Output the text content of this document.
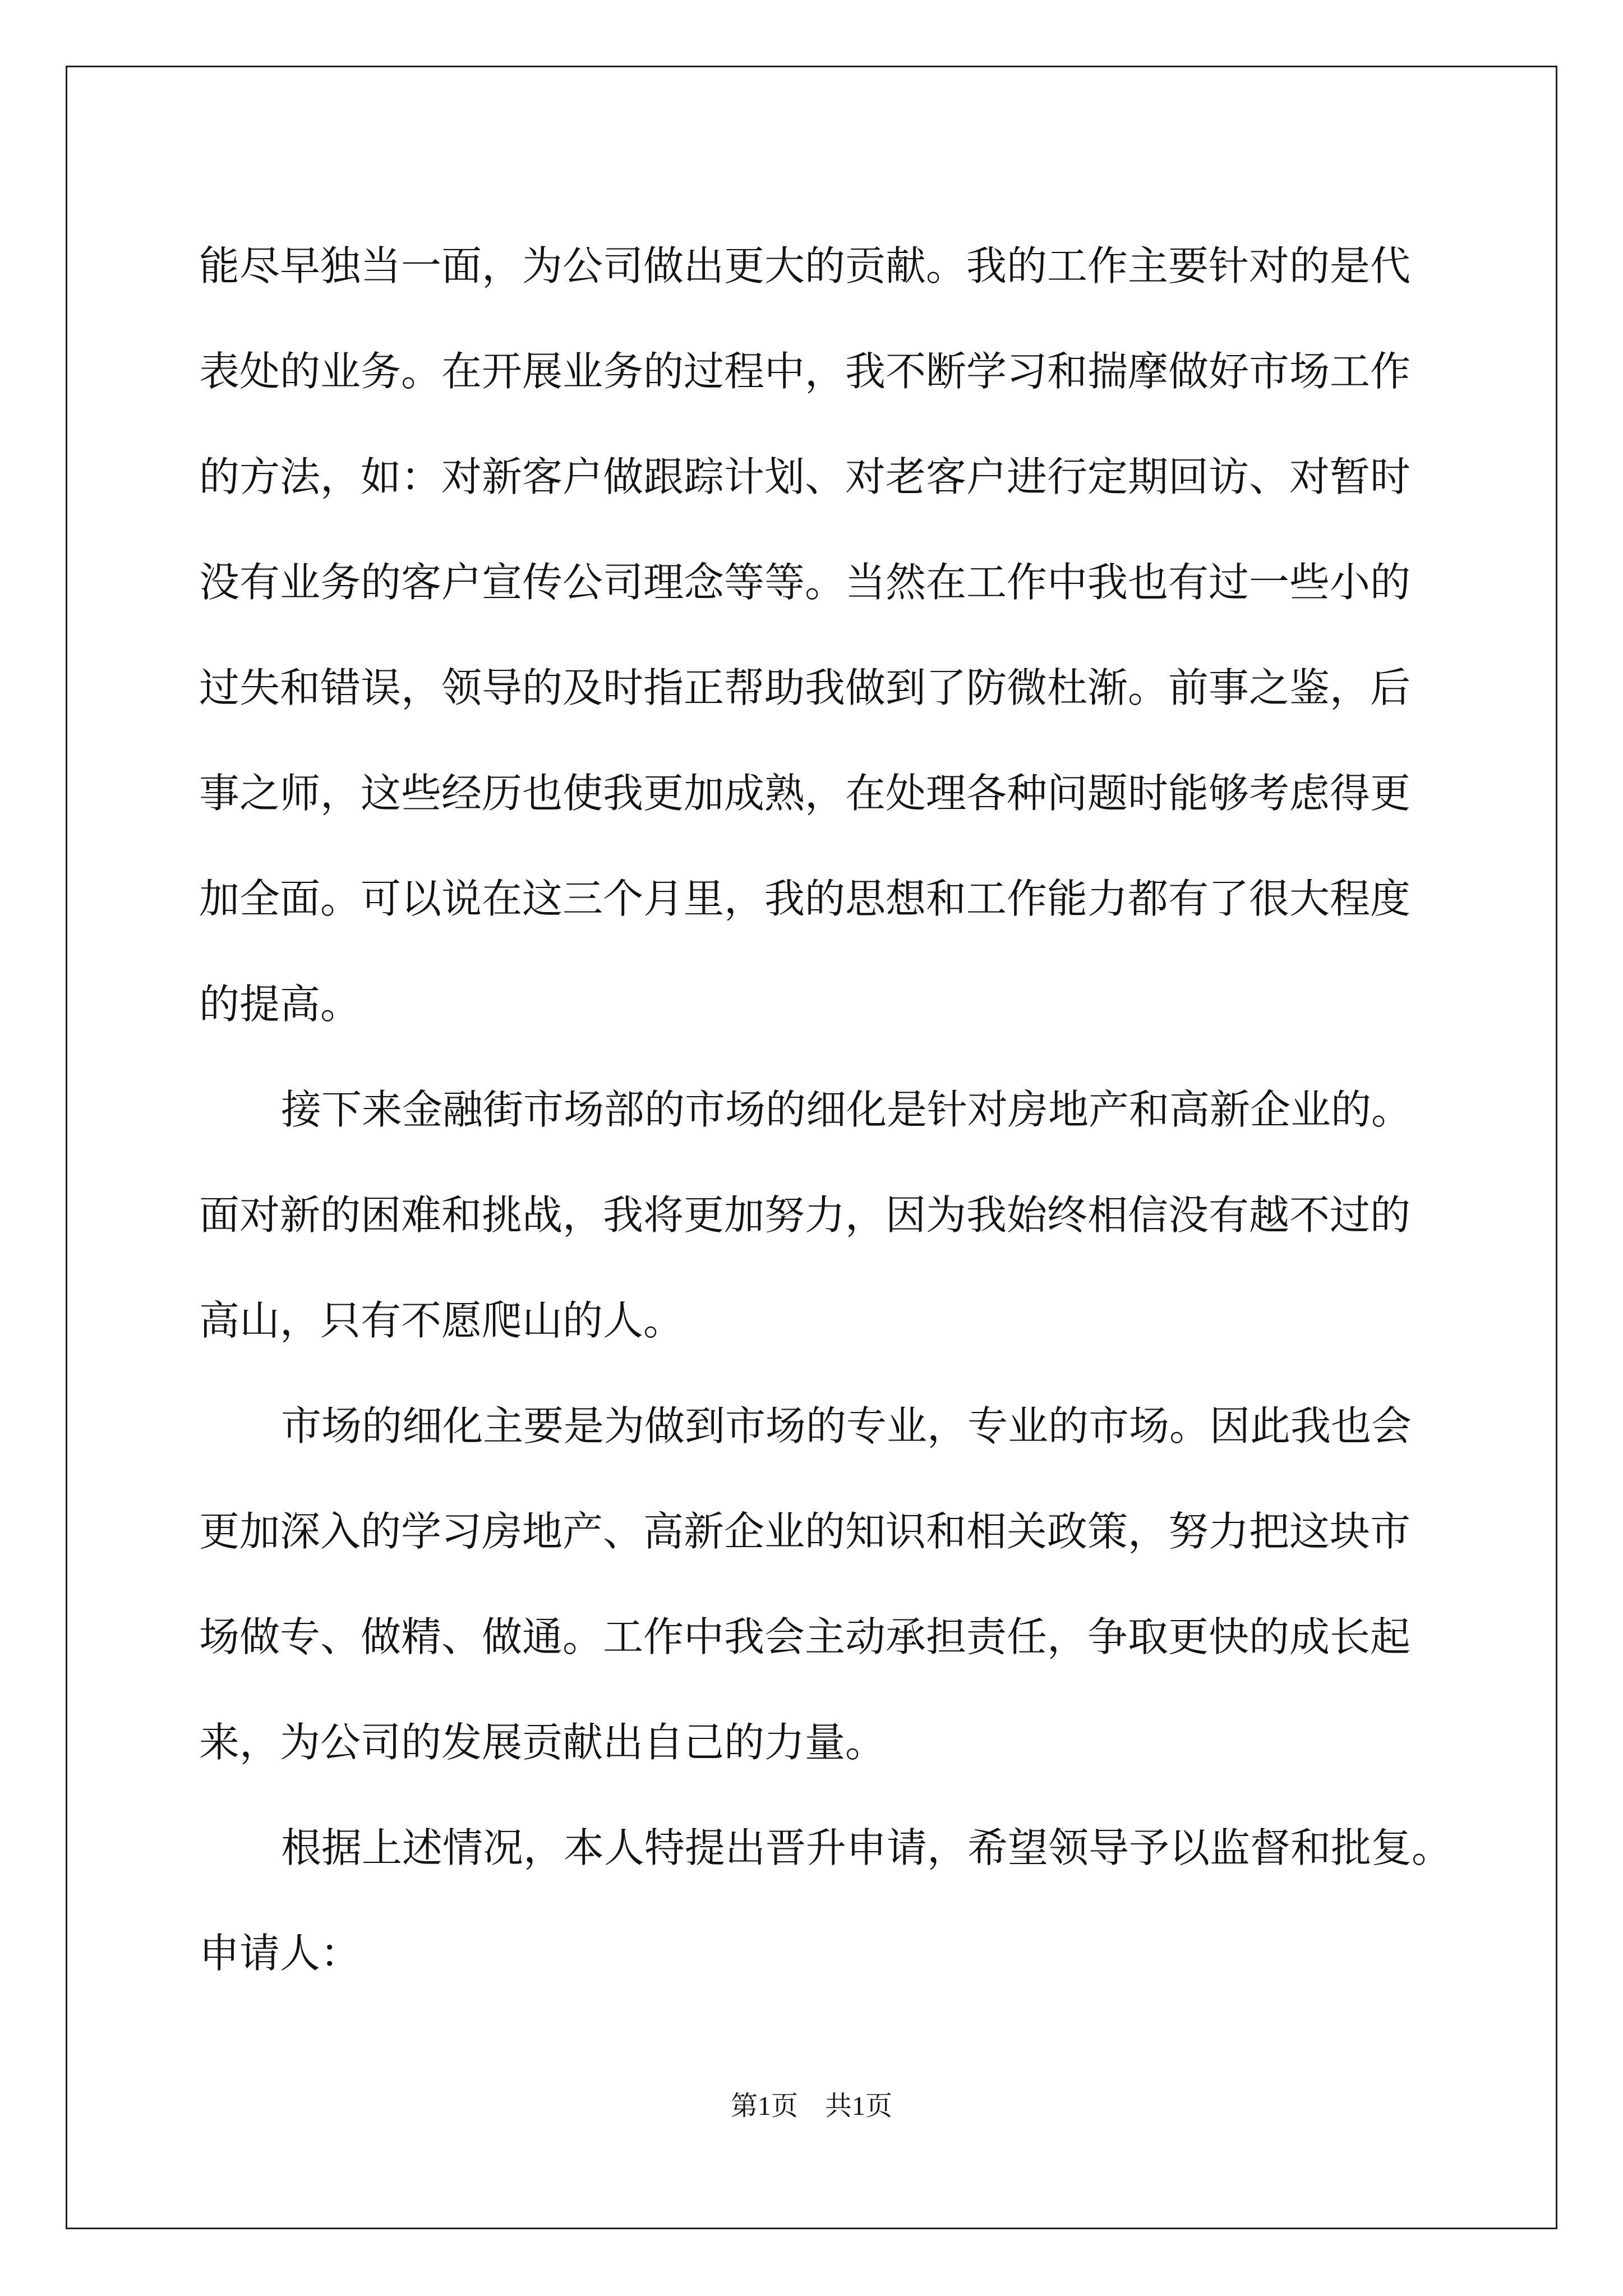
能尽早独当一面，为公司做出更大的贡献。我的工作主要针对的是代
表处的业务。在开展业务的过程中，我不断学习和揣摩做好市场工作
的方法，如：对新客户做跟踪计划、对老客户进行定期回访、对暂时
没有业务的客户宣传公司理念等等。当然在工作中我也有过一些小的
过失和错误，领导的及时指正帮助我做到了防微杜渐。前事之鉴，后
事之师，这些经历也使我更加成熟，在处理各种问题时能够考虑得更
加全面。可以说在这三个月里，我的思想和工作能力都有了很大程度
的提高。
接下来金融街市场部的市场的细化是针对房地产和高新企业的。
面对新的困难和挑战，我将更加努力，因为我始终相信没有越不过的
高山，只有不愿爬山的人。
市场的细化主要是为做到市场的专业，专业的市场。因此我也会
更加深入的学习房地产、高新企业的知识和相关政策，努力把这块市
场做专、做精、做通。工作中我会主动承担责任，争取更快的成长起
来，为公司的发展贡献出自己的力量。
根据上述情况，本人特提出晋升申请，希望领导予以监督和批复。
申请人：
第1页　共1页
